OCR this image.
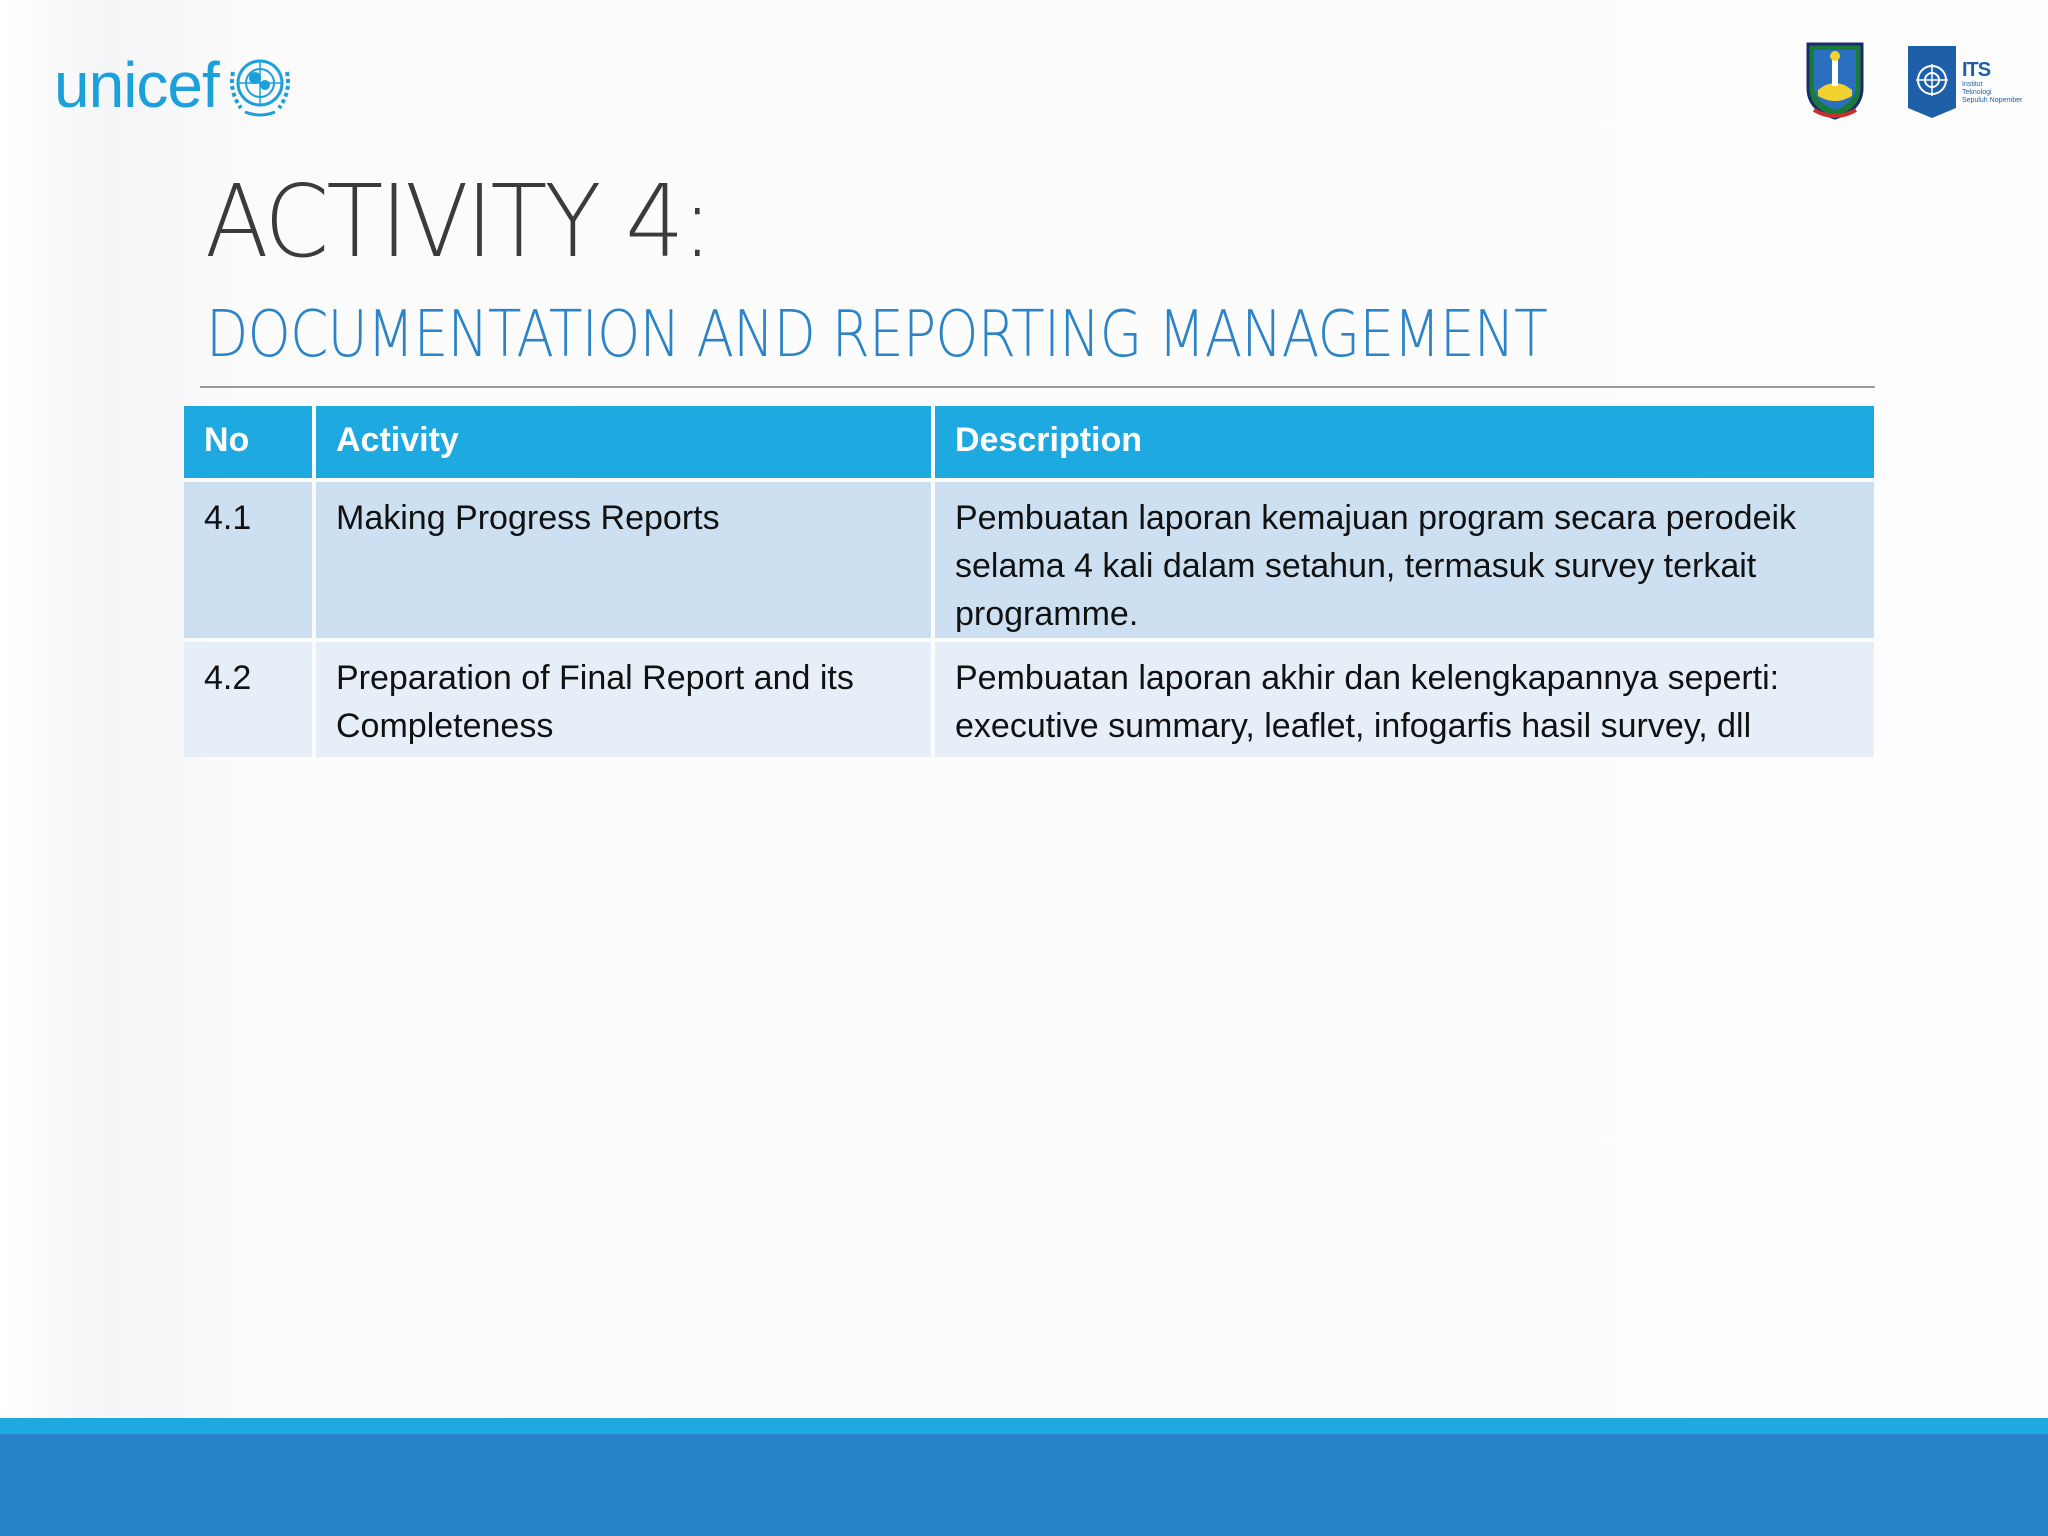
unicef	ITS
Institut
Teknologi
Sepuluh Nopember
ACTIVITY 4:
DOCUMENTATION AND REPORTING MANAGEMENT
No	Activity	Description
4.1	Making Progress Reports	Pembuatan laporan kemajuan program secara perodeik selama 4 kali dalam setahun, termasuk survey terkait programme.
4.2	Preparation of Final Report and its Completeness	Pembuatan laporan akhir dan kelengkapannya seperti: executive summary, leaflet, infogarfis hasil survey, dll
